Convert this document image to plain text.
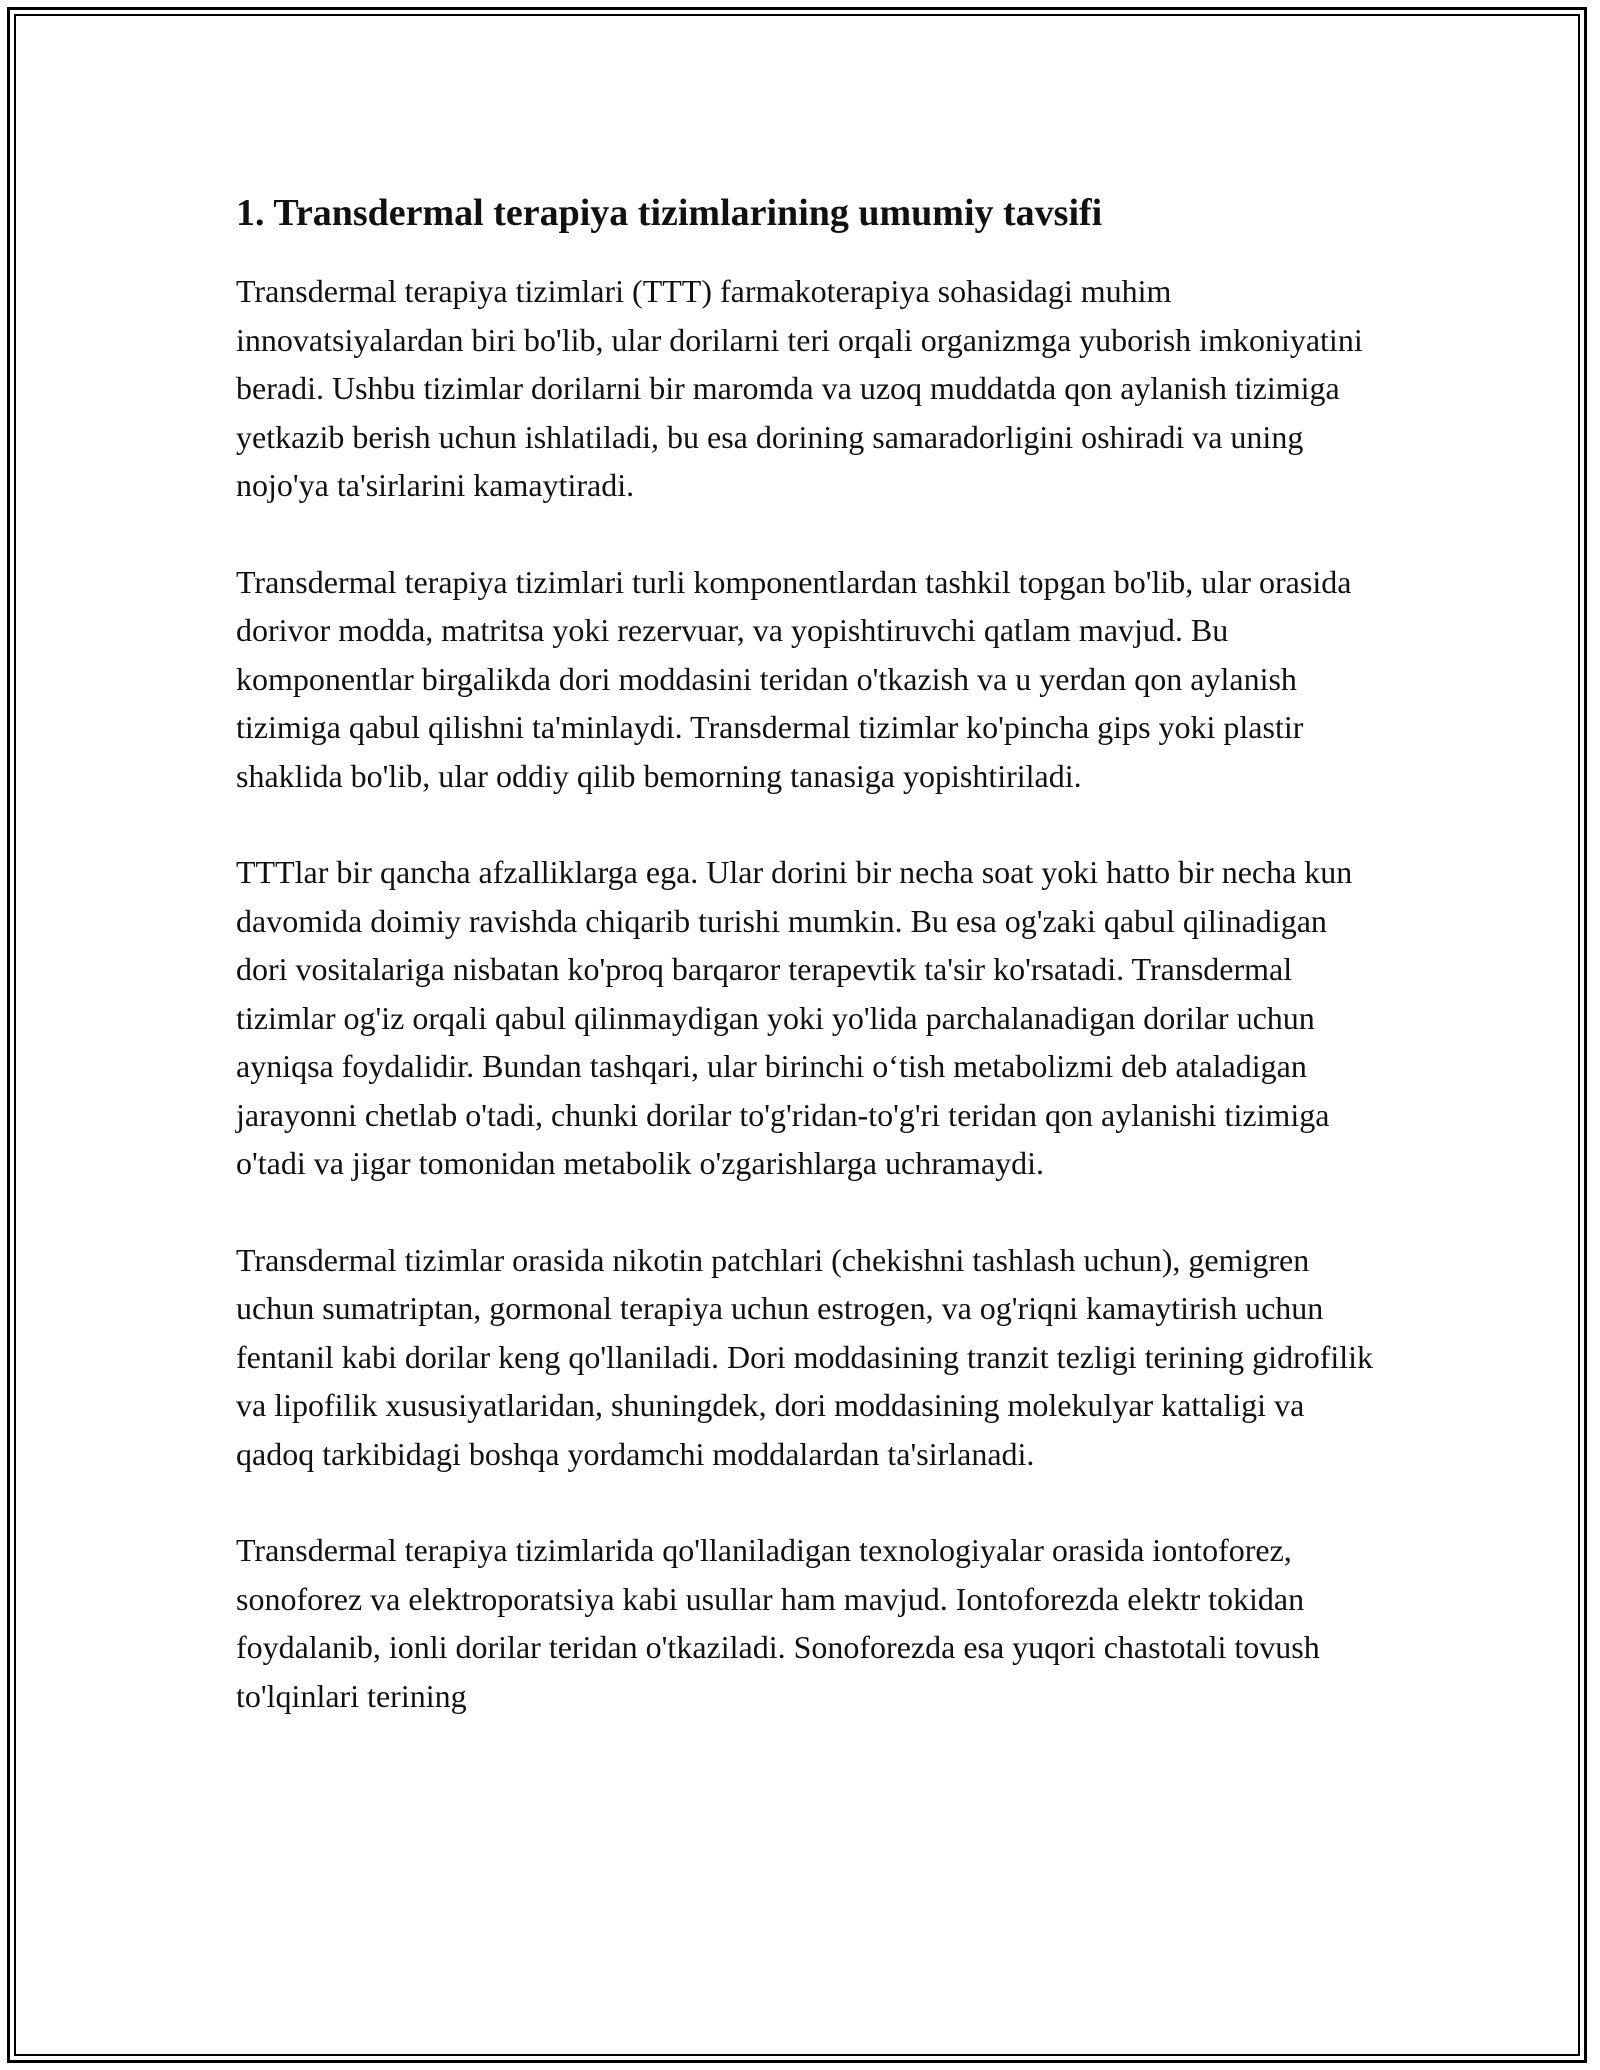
1. Transdermal terapiya tizimlarining umumiy tavsifi

Transdermal terapiya tizimlari (TTT) farmakoterapiya sohasidagi muhim innovatsiyalardan biri bo'lib, ular dorilarni teri orqali organizmga yuborish imkoniyatini beradi. Ushbu tizimlar dorilarni bir maromda va uzoq muddatda qon aylanish tizimiga yetkazib berish uchun ishlatiladi, bu esa dorining samaradorligini oshiradi va uning nojo'ya ta'sirlarini kamaytiradi.

Transdermal terapiya tizimlari turli komponentlardan tashkil topgan bo'lib, ular orasida dorivor modda, matritsa yoki rezervuar, va yopishtiruvchi qatlam mavjud. Bu komponentlar birgalikda dori moddasini teridan o'tkazish va u yerdan qon aylanish tizimiga qabul qilishni ta'minlaydi. Transdermal tizimlar ko'pincha gips yoki plastir shaklida bo'lib, ular oddiy qilib bemorning tanasiga yopishtiriladi.

TTTlar bir qancha afzalliklarga ega. Ular dorini bir necha soat yoki hatto bir necha kun davomida doimiy ravishda chiqarib turishi mumkin. Bu esa og'zaki qabul qilinadigan dori vositalariga nisbatan ko'proq barqaror terapevtik ta'sir ko'rsatadi. Transdermal tizimlar og'iz orqali qabul qilinmaydigan yoki yo'lida parchalanadigan dorilar uchun ayniqsa foydalidir. Bundan tashqari, ular birinchi o‘tish metabolizmi deb ataladigan jarayonni chetlab o'tadi, chunki dorilar to'g'ridan-to'g'ri teridan qon aylanishi tizimiga o'tadi va jigar tomonidan metabolik o'zgarishlarga uchramaydi.

Transdermal tizimlar orasida nikotin patchlari (chekishni tashlash uchun), gemigren uchun sumatriptan, gormonal terapiya uchun estrogen, va og'riqni kamaytirish uchun fentanil kabi dorilar keng qo'llaniladi. Dori moddasining tranzit tezligi terining gidrofilik va lipofilik xususiyatlaridan, shuningdek, dori moddasining molekulyar kattaligi va qadoq tarkibidagi boshqa yordamchi moddalardan ta'sirlanadi.

Transdermal terapiya tizimlarida qo'llaniladigan texnologiyalar orasida iontoforez, sonoforez va elektroporatsiya kabi usullar ham mavjud. Iontoforezda elektr tokidan foydalanib, ionli dorilar teridan o'tkaziladi. Sonoforezda esa yuqori chastotali tovush to'lqinlari terining
